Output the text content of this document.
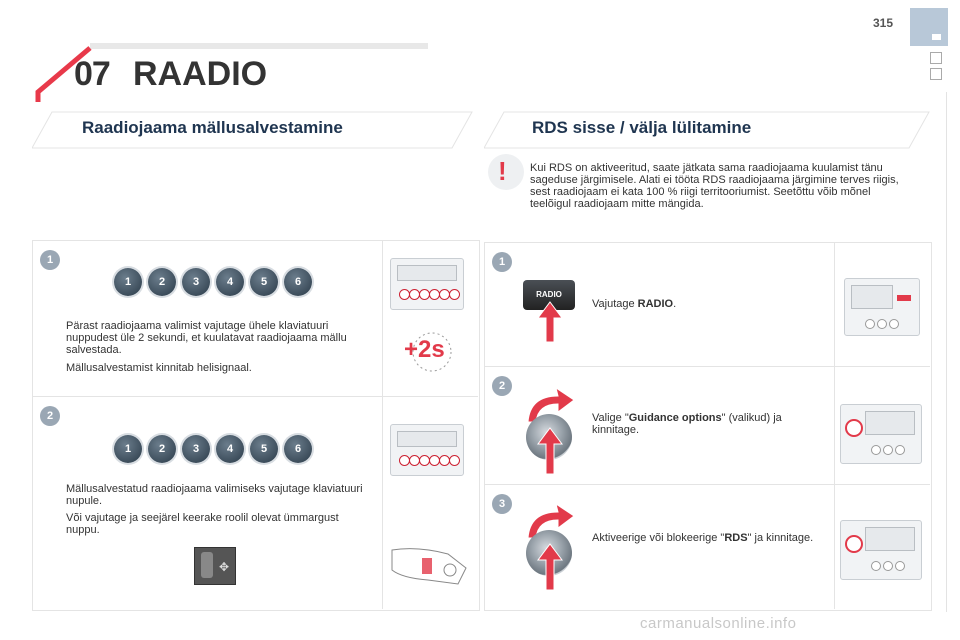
315
07 RAADIO
Raadiojaama mällusalvestamine
1
1	2	3	4	5	6
Pärast raadiojaama valimist vajutage ühele klaviatuuri nuppudest üle 2 sekundi, et kuulatavat raadiojaama mällu salvestada.
Mällusalvestamist kinnitab helisignaal.
+2s
2
1	2	3	4	5	6
Mällusalvestatud raadiojaama valimiseks vajutage klaviatuuri nupule.
Või vajutage ja seejärel keerake roolil olevat ümmargust nuppu.
✥
RDS sisse / välja lülitamine
! Kui RDS on aktiveeritud, saate jätkata sama raadiojaama kuulamist tänu sageduse järgimisele. Alati ei tööta RDS raadiojaama järgimine terves riigis, sest raadiojaam ei kata 100 % riigi territooriumist. Seetõttu võib mõnel teelõigul raadiojaam mitte mängida.
1
RADIO
Vajutage RADIO.
2
Valige "Guidance options" (valikud) ja kinnitage.
3
Aktiveerige või blokeerige "RDS" ja kinnitage.
carmanualsonline.info
